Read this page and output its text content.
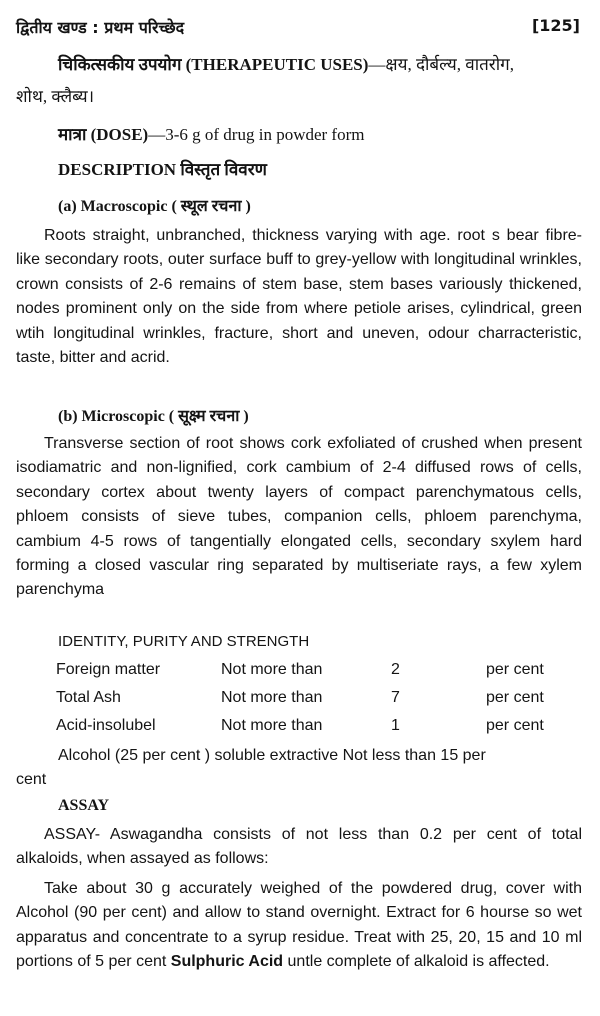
द्वितीय खण्ड : प्रथम परिच्छेद	[125]
चिकित्सकीय उपयोग (THERAPEUTIC USES)—क्षय, दौर्बल्य, वातरोग,
शोथ, क्लैब्य।
मात्रा (DOSE)—3-6 g of drug in powder form
DESCRIPTION विस्तृत विवरण
(a) Macroscopic ( स्थूल रचना )
Roots straight, unbranched, thickness varying with age. root s bear fibre-like secondary roots, outer surface buff to grey-yellow with longitudinal wrinkles, crown consists of 2-6 remains of stem base, stem bases variously thickened, nodes prominent only on the side from where petiole arises, cylindrical, green wtih longitudinal wrinkles, fracture, short and uneven, odour charracteristic, taste, bitter and acrid.
(b) Microscopic ( सूक्ष्म रचना )
Transverse section of root shows cork exfoliated of crushed when present isodiamatric and non-lignified, cork cambium of 2-4 diffused rows of cells, secondary cortex about twenty layers of compact parenchymatous cells, phloem consists of sieve tubes, companion cells, phloem parenchyma, cambium 4-5 rows of tangentially elongated cells, secondary sxylem hard forming a closed vascular ring separated by multiseriate rays, a few xylem parenchyma
IDENTITY, PURITY AND STRENGTH
Foreign matter	Not more than	2	per cent
Total Ash	Not more than	7	per cent
Acid-insolubel	Not more than	1	per cent
Alcohol (25 per cent ) soluble extractive Not less than 15 per
cent
ASSAY
ASSAY- Aswagandha consists of not less than 0.2 per cent of total alkaloids, when assayed as follows:
Take about 30 g accurately weighed of the powdered drug, cover with Alcohol (90 per cent) and allow to stand overnight. Extract for 6 hourse so wet apparatus and concentrate to a syrup residue. Treat with 25, 20, 15 and 10 ml portions of 5 per cent Sulphuric Acid untle complete of alkaloid is affected.
